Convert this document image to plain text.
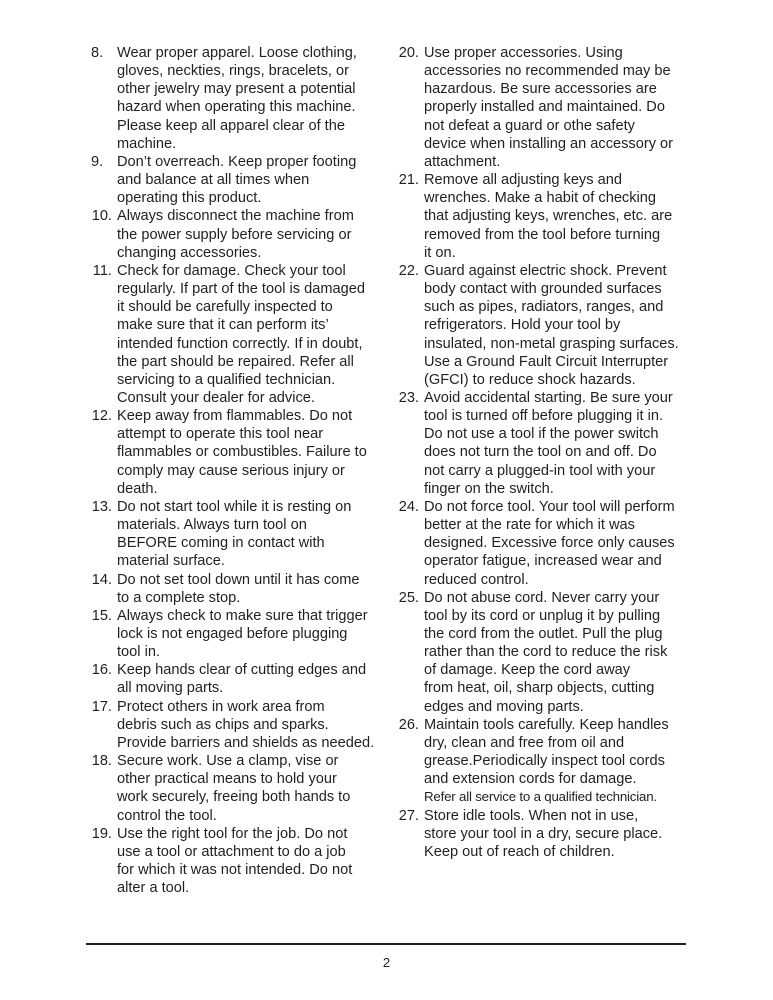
8. Wear proper apparel. Loose clothing,
gloves, neckties, rings, bracelets, or
other jewelry may present a potential
hazard when operating this machine.
Please keep all apparel clear of the
machine.
9. Don’t overreach. Keep proper footing
and balance at all times when
operating this product.
10. Always disconnect the machine from
the power supply before servicing or
changing accessories.
11. Check for damage. Check your tool
regularly. If part of the tool is damaged
it should be carefully inspected to
make sure that it can perform its’
intended function correctly. If in doubt,
the part should be repaired. Refer all
servicing to a qualified technician.
Consult your dealer for advice.
12. Keep away from flammables. Do not
attempt to operate this tool near
flammables or combustibles. Failure to
comply may cause serious injury or
death.
13. Do not start tool while it is resting on
materials. Always turn tool on
BEFORE coming in contact with
material surface.
14. Do not set tool down until it has come
to a complete stop.
15. Always check to make sure that trigger
lock is not engaged before plugging
tool in.
16. Keep hands clear of cutting edges and
all moving parts.
17. Protect others in work area from
debris such as chips and sparks.
Provide barriers and shields as needed.
18. Secure work. Use a clamp, vise or
other practical means to hold your
work securely, freeing both hands to
control the tool.
19. Use the right tool for the job. Do not
use a tool or attachment to do a job
for which it was not intended. Do not
alter a tool.
20. Use proper accessories. Using
accessories no recommended may be
hazardous. Be sure accessories are
properly installed and maintained. Do
not defeat a guard or othe safety
device when installing an accessory or
attachment.
21. Remove all adjusting keys and
wrenches. Make a habit of checking
that adjusting keys, wrenches, etc. are
removed from the tool before turning
it on.
22. Guard against electric shock. Prevent
body contact with grounded surfaces
such as pipes, radiators, ranges, and
refrigerators. Hold your tool by
insulated, non-metal grasping surfaces.
Use a Ground Fault Circuit Interrupter
(GFCI) to reduce shock hazards.
23. Avoid accidental starting. Be sure your
tool is turned off before plugging it in.
Do not use a tool if the power switch
does not turn the tool on and off. Do
not carry a plugged-in tool with your
finger on the switch.
24. Do not force tool. Your tool will perform
better at the rate for which it was
designed. Excessive force only causes
operator fatigue, increased wear and
reduced control.
25. Do not abuse cord. Never carry your
tool by its cord or unplug it by pulling
the cord from the outlet. Pull the plug
rather than the cord to reduce the risk
of damage. Keep the cord away
from heat, oil, sharp objects, cutting
edges and moving parts.
26. Maintain tools carefully. Keep handles
dry, clean and free from oil and
grease.Periodically inspect tool cords
and extension cords for damage.
Refer all service to a qualified technician.
27. Store idle tools. When not in use,
store your tool in a dry, secure place.
Keep out of reach of children.
2
